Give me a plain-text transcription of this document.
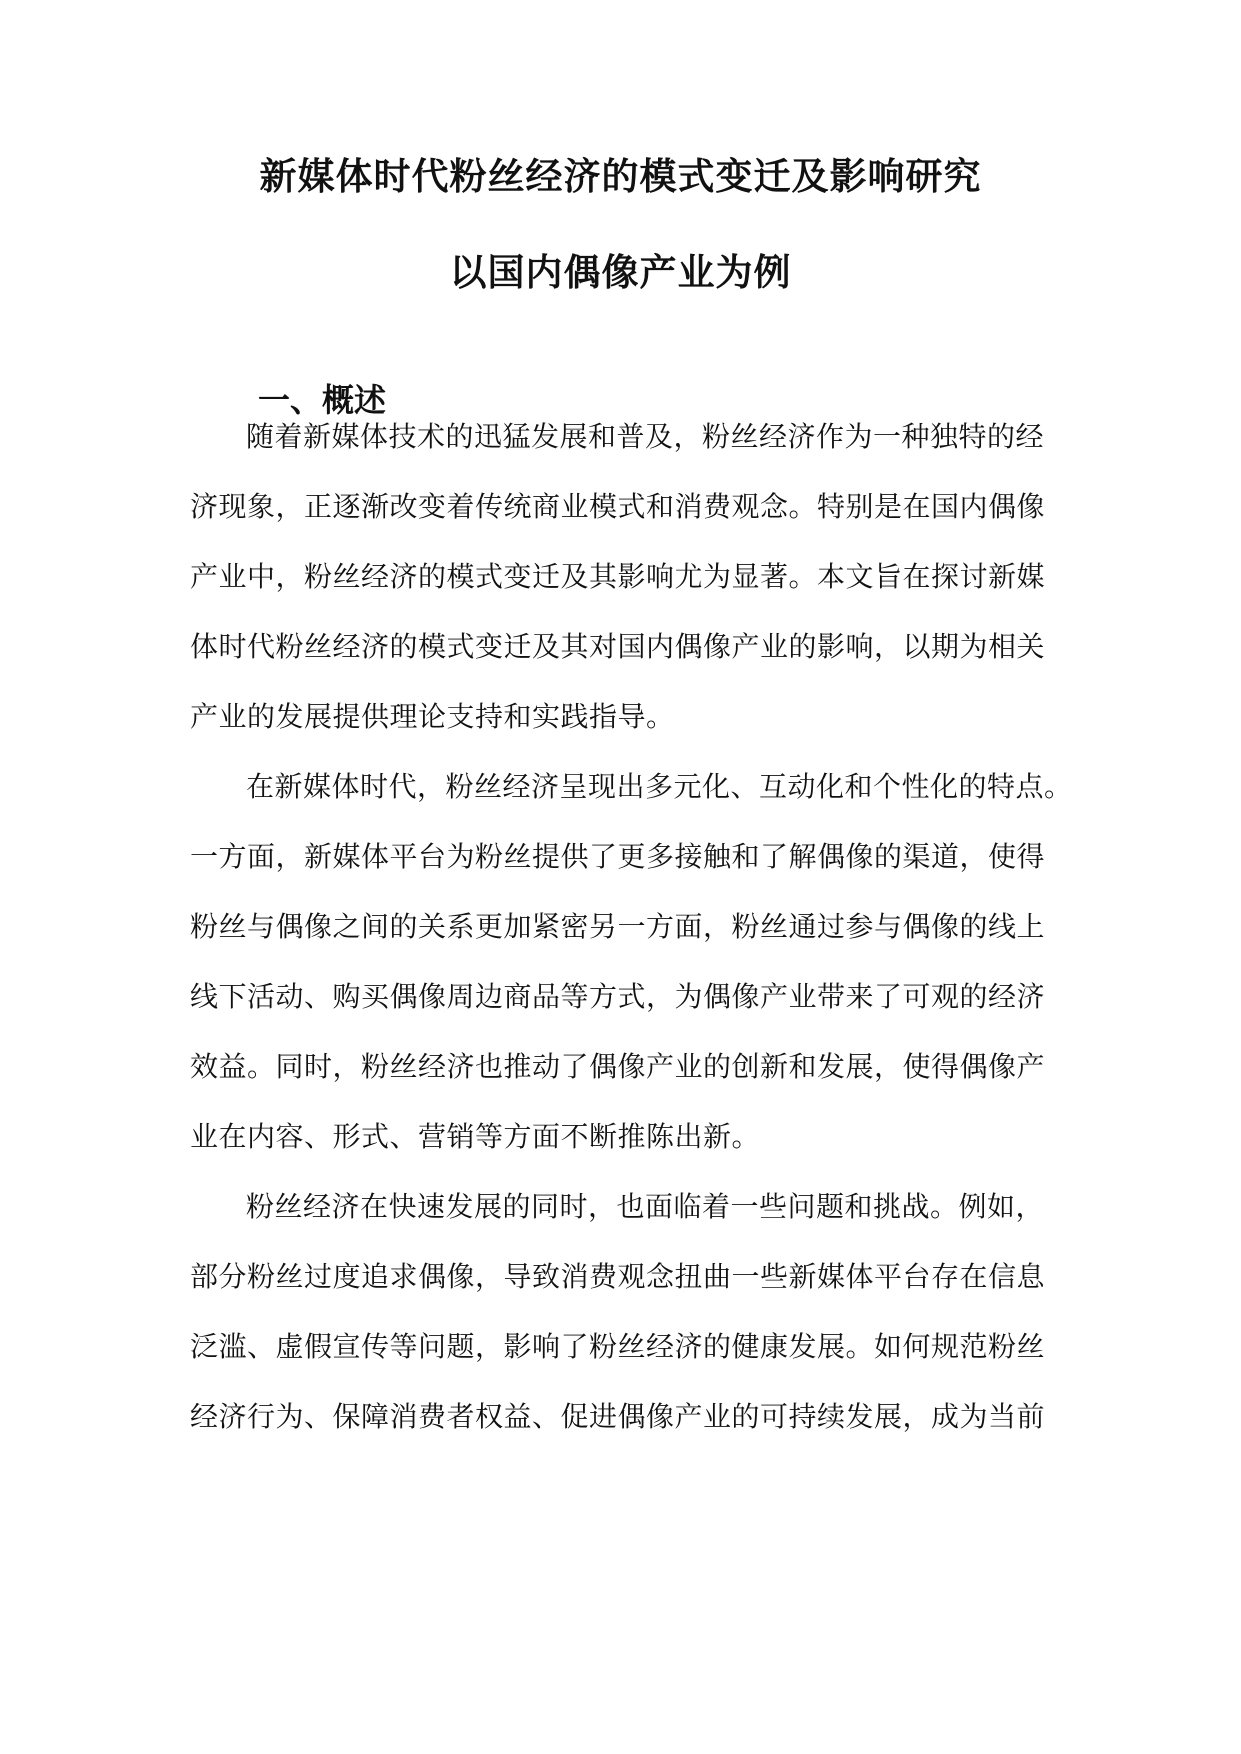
新媒体时代粉丝经济的模式变迁及影响研究
以国内偶像产业为例
一、概述

随着新媒体技术的迅猛发展和普及，粉丝经济作为一种独特的经

济现象，正逐渐改变着传统商业模式和消费观念。特别是在国内偶像

产业中，粉丝经济的模式变迁及其影响尤为显著。本文旨在探讨新媒

体时代粉丝经济的模式变迁及其对国内偶像产业的影响，以期为相关

产业的发展提供理论支持和实践指导。

在新媒体时代，粉丝经济呈现出多元化、互动化和个性化的特点。

一方面，新媒体平台为粉丝提供了更多接触和了解偶像的渠道，使得

粉丝与偶像之间的关系更加紧密另一方面，粉丝通过参与偶像的线上

线下活动、购买偶像周边商品等方式，为偶像产业带来了可观的经济

效益。同时，粉丝经济也推动了偶像产业的创新和发展，使得偶像产

业在内容、形式、营销等方面不断推陈出新。

粉丝经济在快速发展的同时，也面临着一些问题和挑战。例如，

部分粉丝过度追求偶像，导致消费观念扭曲一些新媒体平台存在信息

泛滥、虚假宣传等问题，影响了粉丝经济的健康发展。如何规范粉丝

经济行为、保障消费者权益、促进偶像产业的可持续发展，成为当前
